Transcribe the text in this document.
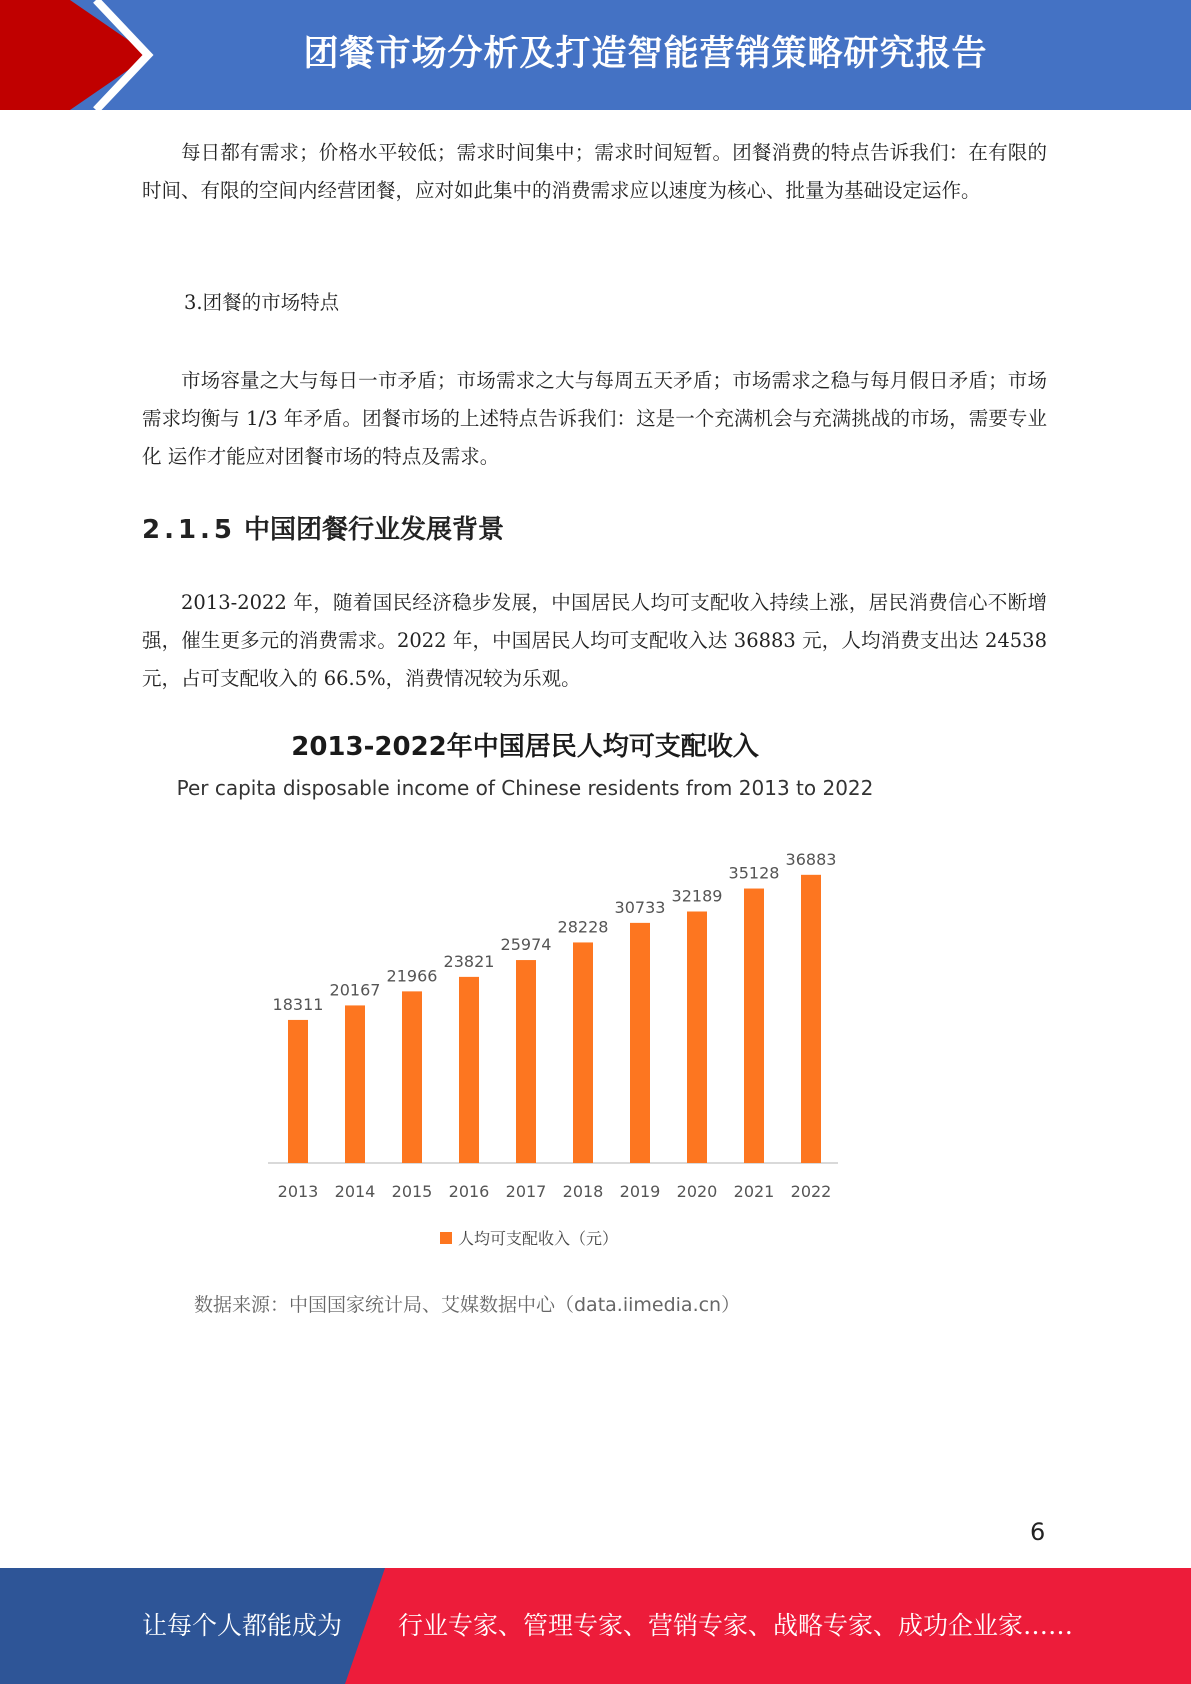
团餐市场分析及打造智能营销策略研究报告

每日都有需求；价格水平较低；需求时间集中；需求时间短暂。团餐消费的特点告诉我们：在有限的时间、有限的空间内经营团餐，应对如此集中的消费需求应以速度为核心、批量为基础设定运作。

3.团餐的市场特点

市场容量之大与每日一市矛盾；市场需求之大与每周五天矛盾；市场需求之稳与每月假日矛盾；市场需求均衡与 1/3 年矛盾。团餐市场的上述特点告诉我们：这是一个充满机会与充满挑战的市场，需要专业化 运作才能应对团餐市场的特点及需求。

2.1.5 中国团餐行业发展背景

2013-2022 年，随着国民经济稳步发展，中国居民人均可支配收入持续上涨，居民消费信心不断增强，催生更多元的消费需求。2022 年，中国居民人均可支配收入达 36883 元，人均消费支出达 24538 元，占可支配收入的 66.5%，消费情况较为乐观。

2013-2022年中国居民人均可支配收入
Per capita disposable income of Chinese residents from 2013 to 2022
18311
2013
20167
2014
21966
2015
23821
2016
25974
2017
28228
2018
30733
2019
32189
2020
35128
2021
36883
2022
人均可支配收入（元）

数据来源：中国国家统计局、艾媒数据中心（data.iimedia.cn）

6
让每个人都能成为 行业专家、管理专家、营销专家、战略专家、成功企业家……
